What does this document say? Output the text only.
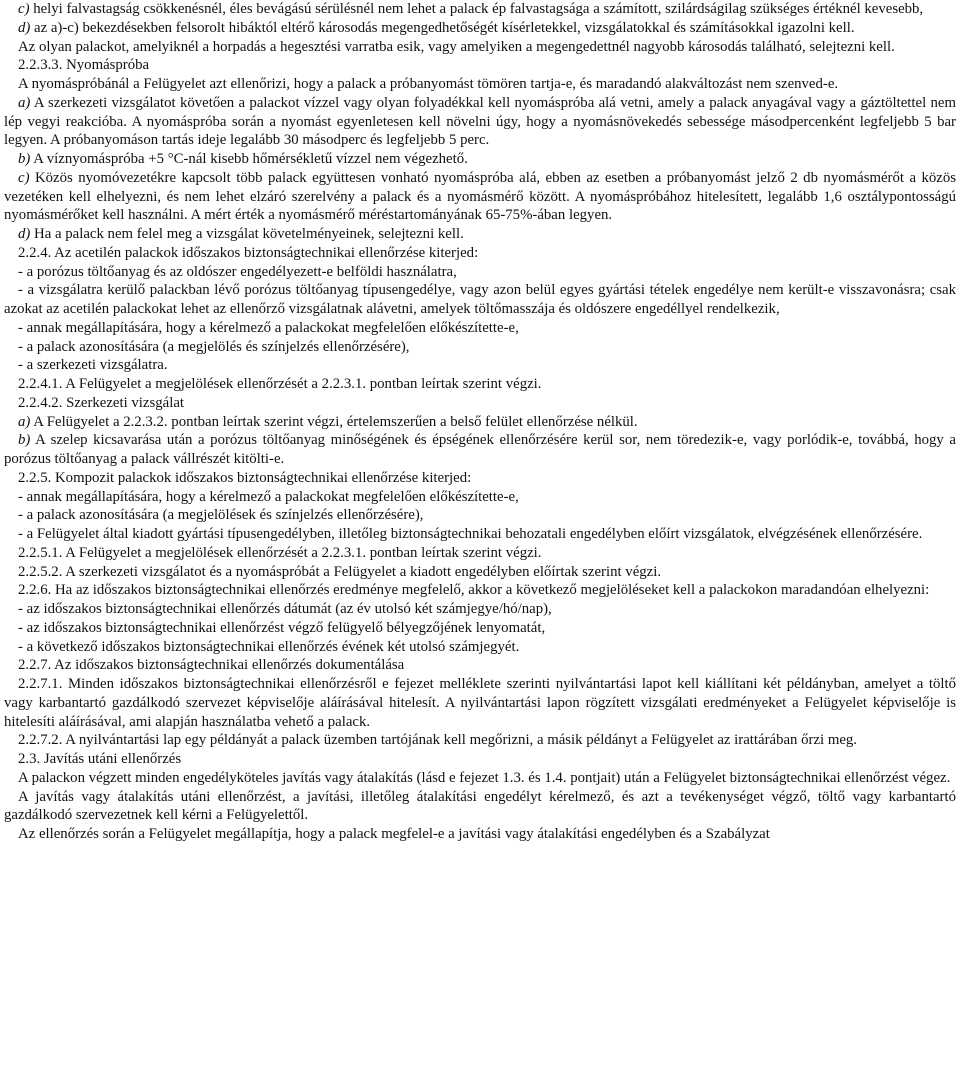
c) helyi falvastagság csökkenésnél, éles bevágású sérülésnél nem lehet a palack ép falvastagsága a számított, szilárdságilag szükséges értéknél kevesebb,
d) az a)-c) bekezdésekben felsorolt hibáktól eltérő károsodás megengedhetőségét kísérletekkel, vizsgálatokkal és számításokkal igazolni kell.
Az olyan palackot, amelyiknél a horpadás a hegesztési varratba esik, vagy amelyiken a megengedettnél nagyobb károsodás található, selejtezni kell.
2.2.3.3. Nyomáspróba
A nyomáspróbánál a Felügyelet azt ellenőrizi, hogy a palack a próbanyomást tömören tartja-e, és maradandó alakváltozást nem szenved-e.
a) A szerkezeti vizsgálatot követően a palackot vízzel vagy olyan folyadékkal kell nyomáspróba alá vetni, amely a palack anyagával vagy a gáztöltettel nem lép vegyi reakcióba. A nyomáspróba során a nyomást egyenletesen kell növelni úgy, hogy a nyomásnövekedés sebessége másodpercenként legfeljebb 5 bar legyen. A próbanyomáson tartás ideje legalább 30 másodperc és legfeljebb 5 perc.
b) A víznyomáspróba +5 °C-nál kisebb hőmérsékletű vízzel nem végezhető.
c) Közös nyomóvezetékre kapcsolt több palack együttesen vonható nyomáspróba alá, ebben az esetben a próbanyomást jelző 2 db nyomásmérőt a közös vezetéken kell elhelyezni, és nem lehet elzáró szerelvény a palack és a nyomásmérő között. A nyomáspróbához hitelesített, legalább 1,6 osztálypontosságú nyomásmérőket kell használni. A mért érték a nyomásmérő méréstartományának 65-75%-ában legyen.
d) Ha a palack nem felel meg a vizsgálat követelményeinek, selejtezni kell.
2.2.4. Az acetilén palackok időszakos biztonságtechnikai ellenőrzése kiterjed:
- a porózus töltőanyag és az oldószer engedélyezett-e belföldi használatra,
- a vizsgálatra kerülő palackban lévő porózus töltőanyag típusengedélye, vagy azon belül egyes gyártási tételek engedélye nem került-e visszavonásra; csak azokat az acetilén palackokat lehet az ellenőrző vizsgálatnak alávetni, amelyek töltőmasszája és oldószere engedéllyel rendelkezik,
- annak megállapítására, hogy a kérelmező a palackokat megfelelően előkészítette-e,
- a palack azonosítására (a megjelölés és színjelzés ellenőrzésére),
- a szerkezeti vizsgálatra.
2.2.4.1. A Felügyelet a megjelölések ellenőrzését a 2.2.3.1. pontban leírtak szerint végzi.
2.2.4.2. Szerkezeti vizsgálat
a) A Felügyelet a 2.2.3.2. pontban leírtak szerint végzi, értelemszerűen a belső felület ellenőrzése nélkül.
b) A szelep kicsavarása után a porózus töltőanyag minőségének és épségének ellenőrzésére kerül sor, nem töredezik-e, vagy porlódik-e, továbbá, hogy a porózus töltőanyag a palack vállrészét kitölti-e.
2.2.5. Kompozit palackok időszakos biztonságtechnikai ellenőrzése kiterjed:
- annak megállapítására, hogy a kérelmező a palackokat megfelelően előkészítette-e,
- a palack azonosítására (a megjelölések és színjelzés ellenőrzésére),
- a Felügyelet által kiadott gyártási típusengedélyben, illetőleg biztonságtechnikai behozatali engedélyben előírt vizsgálatok, elvégzésének ellenőrzésére.
2.2.5.1. A Felügyelet a megjelölések ellenőrzését a 2.2.3.1. pontban leírtak szerint végzi.
2.2.5.2. A szerkezeti vizsgálatot és a nyomáspróbát a Felügyelet a kiadott engedélyben előírtak szerint végzi.
2.2.6. Ha az időszakos biztonságtechnikai ellenőrzés eredménye megfelelő, akkor a következő megjelöléseket kell a palackokon maradandóan elhelyezni:
- az időszakos biztonságtechnikai ellenőrzés dátumát (az év utolsó két számjegye/hó/nap),
- az időszakos biztonságtechnikai ellenőrzést végző felügyelő bélyegzőjének lenyomatát,
- a következő időszakos biztonságtechnikai ellenőrzés évének két utolsó számjegyét.
2.2.7. Az időszakos biztonságtechnikai ellenőrzés dokumentálása
2.2.7.1. Minden időszakos biztonságtechnikai ellenőrzésről e fejezet melléklete szerinti nyilvántartási lapot kell kiállítani két példányban, amelyet a töltő vagy karbantartó gazdálkodó szervezet képviselője aláírásával hitelesít. A nyilvántartási lapon rögzített vizsgálati eredményeket a Felügyelet képviselője is hitelesíti aláírásával, ami alapján használatba vehető a palack.
2.2.7.2. A nyilvántartási lap egy példányát a palack üzemben tartójának kell megőrizni, a másik példányt a Felügyelet az irattárában őrzi meg.
2.3. Javítás utáni ellenőrzés
A palackon végzett minden engedélyköteles javítás vagy átalakítás (lásd e fejezet 1.3. és 1.4. pontjait) után a Felügyelet biztonságtechnikai ellenőrzést végez.
A javítás vagy átalakítás utáni ellenőrzést, a javítási, illetőleg átalakítási engedélyt kérelmező, és azt a tevékenységet végző, töltő vagy karbantartó gazdálkodó szervezetnek kell kérni a Felügyelettől.
Az ellenőrzés során a Felügyelet megállapítja, hogy a palack megfelel-e a javítási vagy átalakítási engedélyben és a Szabályzat
